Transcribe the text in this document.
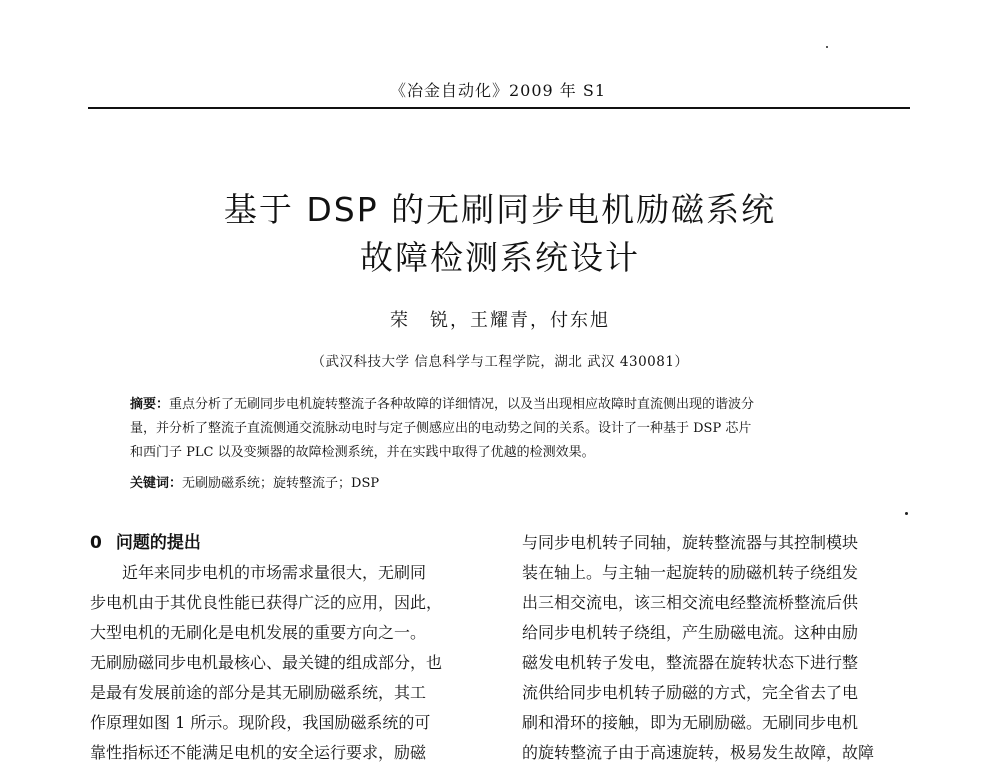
《冶金自动化》2009 年 S1
基于 DSP 的无刷同步电机励磁系统
故障检测系统设计
荣　锐，王耀青，付东旭
（武汉科技大学 信息科学与工程学院，湖北 武汉 430081）
摘要：重点分析了无刷同步电机旋转整流子各种故障的详细情况，以及当出现相应故障时直流侧出现的谐波分
量，并分析了整流子直流侧通交流脉动电时与定子侧感应出的电动势之间的关系。设计了一种基于 DSP 芯片
和西门子 PLC 以及变频器的故障检测系统，并在实践中取得了优越的检测效果。
关键词：无刷励磁系统；旋转整流子；DSP
0 问题的提出
近年来同步电机的市场需求量很大，无刷同
步电机由于其优良性能已获得广泛的应用，因此，
大型电机的无刷化是电机发展的重要方向之一。
无刷励磁同步电机最核心、最关键的组成部分，也
是最有发展前途的部分是其无刷励磁系统，其工
作原理如图 1 所示。现阶段，我国励磁系统的可
靠性指标还不能满足电机的安全运行要求，励磁
与同步电机转子同轴，旋转整流器与其控制模块
装在轴上。与主轴一起旋转的励磁机转子绕组发
出三相交流电，该三相交流电经整流桥整流后供
给同步电机转子绕组，产生励磁电流。这种由励
磁发电机转子发电，整流器在旋转状态下进行整
流供给同步电机转子励磁的方式，完全省去了电
刷和滑环的接触，即为无刷励磁。无刷同步电机
的旋转整流子由于高速旋转，极易发生故障，故障
